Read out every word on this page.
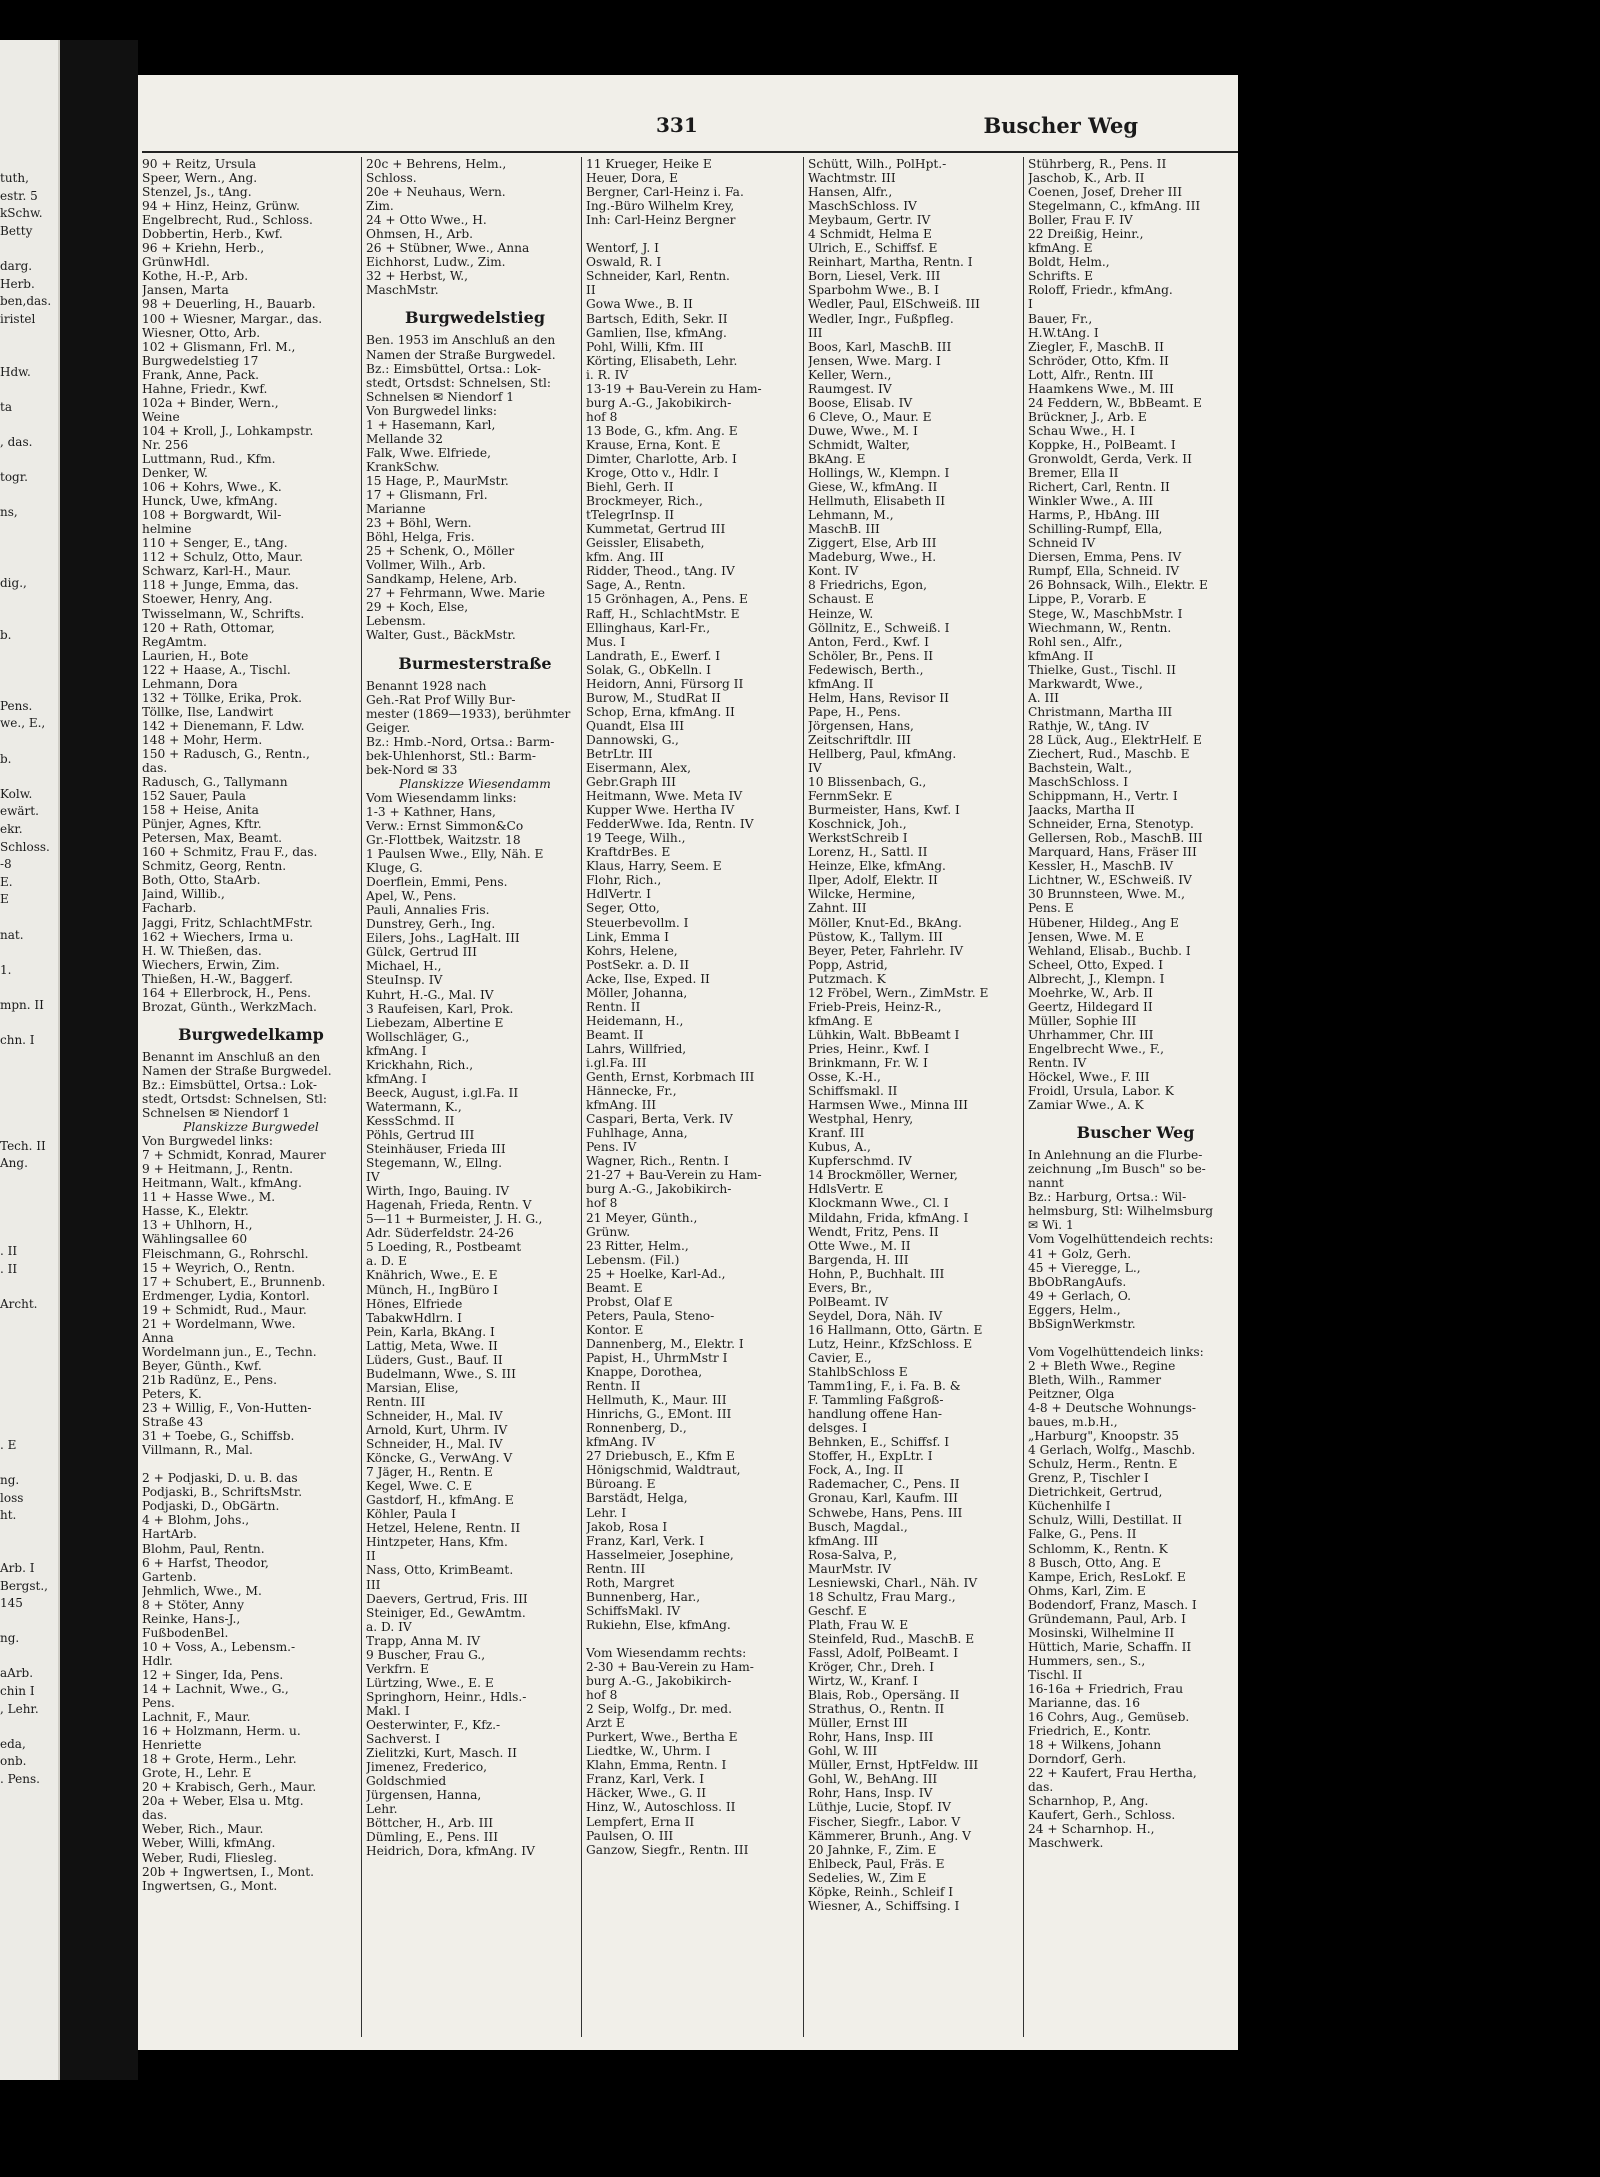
tuth,
estr. 5
kSchw.
Betty

darg.
Herb.
ben,das.
iristel

Hdw.

ta

, das.

togr.

ns,

dig.,

b.

Pens.
we., E.,

b.

Kolw.
ewärt.
ekr.
Schloss.
-8
E.
E

nat.

1.

mpn. II

chn. I

Tech. II
Ang.

. II
. II

Archt.

. E

ng.
loss
ht.

Arb. I
Bergst.,
145

ng.

aArb.
chin I
, Lehr.

eda,
onb.
. Pens.
331	Buscher Weg
90 + Reitz, Ursula
Speer, Wern., Ang.
Stenzel, Js., tAng.
94 + Hinz, Heinz, Grünw.
Engelbrecht, Rud., Schloss.
Dobbertin, Herb., Kwf.
96 + Kriehn, Herb.,
GrünwHdl.
Kothe, H.-P., Arb.
Jansen, Marta
98 + Deuerling, H., Bauarb.
100 + Wiesner, Margar., das.
Wiesner, Otto, Arb.
102 + Glismann, Frl. M.,
Burgwedelstieg 17
Frank, Anne, Pack.
Hahne, Friedr., Kwf.
102a + Binder, Wern.,
Weine
104 + Kroll, J., Lohkampstr.
Nr. 256
Luttmann, Rud., Kfm.
Denker, W.
106 + Kohrs, Wwe., K.
Hunck, Uwe, kfmAng.
108 + Borgwardt, Wil-
helmine
110 + Senger, E., tAng.
112 + Schulz, Otto, Maur.
Schwarz, Karl-H., Maur.
118 + Junge, Emma, das.
Stoewer, Henry, Ang.
Twisselmann, W., Schrifts.
120 + Rath, Ottomar,
RegAmtm.
Laurien, H., Bote
122 + Haase, A., Tischl.
Lehmann, Dora
132 + Töllke, Erika, Prok.
Töllke, Ilse, Landwirt
142 + Dienemann, F. Ldw.
148 + Mohr, Herm.
150 + Radusch, G., Rentn.,
das.
Radusch, G., Tallymann
152 Sauer, Paula
158 + Heise, Anita
Pünjer, Agnes, Kftr.
Petersen, Max, Beamt.
160 + Schmitz, Frau F., das.
Schmitz, Georg, Rentn.
Both, Otto, StaArb.
Jaind, Willib.,
Facharb.
Jaggi, Fritz, SchlachtMFstr.
162 + Wiechers, Irma u.
H. W. Thießen, das.
Wiechers, Erwin, Zim.
Thießen, H.-W., Baggerf.
164 + Ellerbrock, H., Pens.
Brozat, Günth., WerkzMach.
Burgwedelkamp
Benannt im Anschluß an den
Namen der Straße Burgwedel.
Bz.: Eimsbüttel, Ortsa.: Lok-
stedt, Ortsdst: Schnelsen, Stl:
Schnelsen ✉ Niendorf 1
Planskizze Burgwedel
Von Burgwedel links:
7 + Schmidt, Konrad, Maurer
9 + Heitmann, J., Rentn.
Heitmann, Walt., kfmAng.
11 + Hasse Wwe., M.
Hasse, K., Elektr.
13 + Uhlhorn, H.,
Wählingsallee 60
Fleischmann, G., Rohrschl.
15 + Weyrich, O., Rentn.
17 + Schubert, E., Brunnenb.
Erdmenger, Lydia, Kontorl.
19 + Schmidt, Rud., Maur.
21 + Wordelmann, Wwe.
Anna
Wordelmann jun., E., Techn.
Beyer, Günth., Kwf.
21b Radünz, E., Pens.
Peters, K.
23 + Willig, F., Von-Hutten-
Straße 43
31 + Toebe, G., Schiffsb.
Villmann, R., Mal.

2 + Podjaski, D. u. B. das
Podjaski, B., SchriftsMstr.
Podjaski, D., ObGärtn.
4 + Blohm, Johs.,
HartArb.
Blohm, Paul, Rentn.
6 + Harfst, Theodor,
Gartenb.
Jehmlich, Wwe., M.
8 + Stöter, Anny
Reinke, Hans-J.,
FußbodenBel.
10 + Voss, A., Lebensm.-
Hdlr.
12 + Singer, Ida, Pens.
14 + Lachnit, Wwe., G.,
Pens.
Lachnit, F., Maur.
16 + Holzmann, Herm. u.
Henriette
18 + Grote, Herm., Lehr.
Grote, H., Lehr. E
20 + Krabisch, Gerh., Maur.
20a + Weber, Elsa u. Mtg.
das.
Weber, Rich., Maur.
Weber, Willi, kfmAng.
Weber, Rudi, Fliesleg.
20b + Ingwertsen, I., Mont.
Ingwertsen, G., Mont.
20c + Behrens, Helm.,
Schloss.
20e + Neuhaus, Wern.
Zim.
24 + Otto Wwe., H.
Ohmsen, H., Arb.
26 + Stübner, Wwe., Anna
Eichhorst, Ludw., Zim.
32 + Herbst, W.,
MaschMstr.
Burgwedelstieg
Ben. 1953 im Anschluß an den
Namen der Straße Burgwedel.
Bz.: Eimsbüttel, Ortsa.: Lok-
stedt, Ortsdst: Schnelsen, Stl:
Schnelsen ✉ Niendorf 1
Von Burgwedel links:
1 + Hasemann, Karl,
Mellande 32
Falk, Wwe. Elfriede,
KrankSchw.
15 Hage, P., MaurMstr.
17 + Glismann, Frl.
Marianne
23 + Böhl, Wern.
Böhl, Helga, Fris.
25 + Schenk, O., Möller
Vollmer, Wilh., Arb.
Sandkamp, Helene, Arb.
27 + Fehrmann, Wwe. Marie
29 + Koch, Else,
Lebensm.
Walter, Gust., BäckMstr.
Burmesterstraße
Benannt 1928 nach
Geh.-Rat Prof Willy Bur-
mester (1869—1933), berühmter
Geiger.
Bz.: Hmb.-Nord, Ortsa.: Barm-
bek-Uhlenhorst, Stl.: Barm-
bek-Nord ✉ 33
Planskizze Wiesendamm
Vom Wiesendamm links:
1-3 + Kathner, Hans,
Verw.: Ernst Simmon&Co
Gr.-Flottbek, Waitzstr. 18
1 Paulsen Wwe., Elly, Näh. E
Kluge, G.
Doerflein, Emmi, Pens.
Apel, W., Pens.
Pauli, Annalies Fris.
Dunstrey, Gerh., Ing.
Eilers, Johs., LagHalt. III
Gülck, Gertrud III
Michael, H.,
SteuInsp. IV
Kuhrt, H.-G., Mal. IV
3 Raufeisen, Karl, Prok.
Liebezam, Albertine E
Wollschläger, G.,
kfmAng. I
Krickhahn, Rich.,
kfmAng. I
Beeck, August, i.gl.Fa. II
Watermann, K.,
KessSchmd. II
Pöhls, Gertrud III
Steinhäuser, Frieda III
Stegemann, W., Ellng.
IV
Wirth, Ingo, Bauing. IV
Hagenah, Frieda, Rentn. V
5—11 + Burmeister, J. H. G.,
Adr. Süderfeldstr. 24-26
5 Loeding, R., Postbeamt
a. D. E
Knährich, Wwe., E. E
Münch, H., IngBüro I
Hönes, Elfriede
TabakwHdlrn. I
Pein, Karla, BkAng. I
Lattig, Meta, Wwe. II
Lüders, Gust., Bauf. II
Budelmann, Wwe., S. III
Marsian, Elise,
Rentn. III
Schneider, H., Mal. IV
Arnold, Kurt, Uhrm. IV
Schneider, H., Mal. IV
Köncke, G., VerwAng. V
7 Jäger, H., Rentn. E
Kegel, Wwe. C. E
Gastdorf, H., kfmAng. E
Köhler, Paula I
Hetzel, Helene, Rentn. II
Hintzpeter, Hans, Kfm.
II
Nass, Otto, KrimBeamt.
III
Daevers, Gertrud, Fris. III
Steiniger, Ed., GewAmtm.
a. D. IV
Trapp, Anna M. IV
9 Buscher, Frau G.,
Verkfrn. E
Lürtzing, Wwe., E. E
Springhorn, Heinr., Hdls.-
Makl. I
Oesterwinter, F., Kfz.-
Sachverst. I
Zielitzki, Kurt, Masch. II
Jimenez, Frederico,
Goldschmied
Jürgensen, Hanna,
Lehr.
Böttcher, H., Arb. III
Dümling, E., Pens. III
Heidrich, Dora, kfmAng. IV
11 Krueger, Heike E
Heuer, Dora, E
Bergner, Carl-Heinz i. Fa.
Ing.-Büro Wilhelm Krey,
Inh: Carl-Heinz Bergner

Wentorf, J. I
Oswald, R. I
Schneider, Karl, Rentn.
II
Gowa Wwe., B. II
Bartsch, Edith, Sekr. II
Gamlien, Ilse, kfmAng.
Pohl, Willi, Kfm. III
Körting, Elisabeth, Lehr.
i. R. IV
13-19 + Bau-Verein zu Ham-
burg A.-G., Jakobikirch-
hof 8
13 Bode, G., kfm. Ang. E
Krause, Erna, Kont. E
Dimter, Charlotte, Arb. I
Kroge, Otto v., Hdlr. I
Biehl, Gerh. II
Brockmeyer, Rich.,
tTelegrInsp. II
Kummetat, Gertrud III
Geissler, Elisabeth,
kfm. Ang. III
Ridder, Theod., tAng. IV
Sage, A., Rentn.
15 Grönhagen, A., Pens. E
Raff, H., SchlachtMstr. E
Ellinghaus, Karl-Fr.,
Mus. I
Landrath, E., Ewerf. I
Solak, G., ObKelln. I
Heidorn, Anni, Fürsorg II
Burow, M., StudRat II
Schop, Erna, kfmAng. II
Quandt, Elsa III
Dannowski, G.,
BetrLtr. III
Eisermann, Alex,
Gebr.Graph III
Heitmann, Wwe. Meta IV
Kupper Wwe. Hertha IV
FedderWwe. Ida, Rentn. IV
19 Teege, Wilh.,
KraftdrBes. E
Klaus, Harry, Seem. E
Flohr, Rich.,
HdlVertr. I
Seger, Otto,
Steuerbevollm. I
Link, Emma I
Kohrs, Helene,
PostSekr. a. D. II
Acke, Ilse, Exped. II
Möller, Johanna,
Rentn. II
Heidemann, H.,
Beamt. II
Lahrs, Willfried,
i.gl.Fa. III
Genth, Ernst, Korbmach III
Hännecke, Fr.,
kfmAng. III
Caspari, Berta, Verk. IV
Fuhlhage, Anna,
Pens. IV
Wagner, Rich., Rentn. I
21-27 + Bau-Verein zu Ham-
burg A.-G., Jakobikirch-
hof 8
21 Meyer, Günth.,
Grünw.
23 Ritter, Helm.,
Lebensm. (Fil.)
25 + Hoelke, Karl-Ad.,
Beamt. E
Probst, Olaf E
Peters, Paula, Steno-
Kontor. E
Dannenberg, M., Elektr. I
Papist, H., UhrmMstr I
Knappe, Dorothea,
Rentn. II
Hellmuth, K., Maur. III
Hinrichs, G., EMont. III
Ronnenberg, D.,
kfmAng. IV
27 Driebusch, E., Kfm E
Hönigschmid, Waldtraut,
Büroang. E
Barstädt, Helga,
Lehr. I
Jakob, Rosa I
Franz, Karl, Verk. I
Hasselmeier, Josephine,
Rentn. III
Roth, Margret
Bunnenberg, Har.,
SchiffsMakl. IV
Rukiehn, Else, kfmAng.

Vom Wiesendamm rechts:
2-30 + Bau-Verein zu Ham-
burg A.-G., Jakobikirch-
hof 8
2 Seip, Wolfg., Dr. med.
Arzt E
Purkert, Wwe., Bertha E
Liedtke, W., Uhrm. I
Klahn, Emma, Rentn. I
Franz, Karl, Verk. I
Häcker, Wwe., G. II
Hinz, W., Autoschloss. II
Lempfert, Erna II
Paulsen, O. III
Ganzow, Siegfr., Rentn. III
Schütt, Wilh., PolHpt.-
Wachtmstr. III
Hansen, Alfr.,
MaschSchloss. IV
Meybaum, Gertr. IV
4 Schmidt, Helma E
Ulrich, E., Schiffsf. E
Reinhart, Martha, Rentn. I
Born, Liesel, Verk. III
Sparbohm Wwe., B. I
Wedler, Paul, ElSchweiß. III
Wedler, Ingr., Fußpfleg.
III
Boos, Karl, MaschB. III
Jensen, Wwe. Marg. I
Keller, Wern.,
Raumgest. IV
Boose, Elisab. IV
6 Cleve, O., Maur. E
Duwe, Wwe., M. I
Schmidt, Walter,
BkAng. E
Hollings, W., Klempn. I
Giese, W., kfmAng. II
Hellmuth, Elisabeth II
Lehmann, M.,
MaschB. III
Ziggert, Else, Arb III
Madeburg, Wwe., H.
Kont. IV
8 Friedrichs, Egon,
Schaust. E
Heinze, W.
Göllnitz, E., Schweiß. I
Anton, Ferd., Kwf. I
Schöler, Br., Pens. II
Fedewisch, Berth.,
kfmAng. II
Helm, Hans, Revisor II
Pape, H., Pens.
Jörgensen, Hans,
Zeitschriftdlr. III
Hellberg, Paul, kfmAng.
IV
10 Blissenbach, G.,
FernmSekr. E
Burmeister, Hans, Kwf. I
Koschnick, Joh.,
WerkstSchreib I
Lorenz, H., Sattl. II
Heinze, Elke, kfmAng.
Ilper, Adolf, Elektr. II
Wilcke, Hermine,
Zahnt. III
Möller, Knut-Ed., BkAng.
Püstow, K., Tallym. III
Beyer, Peter, Fahrlehr. IV
Popp, Astrid,
Putzmach. K
12 Fröbel, Wern., ZimMstr. E
Frieb-Preis, Heinz-R.,
kfmAng. E
Lühkin, Walt. BbBeamt I
Pries, Heinr., Kwf. I
Brinkmann, Fr. W. I
Osse, K.-H.,
Schiffsmakl. II
Harmsen Wwe., Minna III
Westphal, Henry,
Kranf. III
Kubus, A.,
Kupferschmd. IV
14 Brockmöller, Werner,
HdlsVertr. E
Klockmann Wwe., Cl. I
Mildahn, Frida, kfmAng. I
Wendt, Fritz, Pens. II
Otte Wwe., M. II
Bargenda, H. III
Hohn, P., Buchhalt. III
Evers, Br.,
PolBeamt. IV
Seydel, Dora, Näh. IV
16 Hallmann, Otto, Gärtn. E
Lutz, Heinr., KfzSchloss. E
Cavier, E.,
StahlbSchloss E
Tamm1ing, F., i. Fa. B. &
F. Tammling Faßgroß-
handlung offene Han-
delsges. I
Behnken, E., Schiffsf. I
Stoffer, H., ExpLtr. I
Fock, A., Ing. II
Rademacher, C., Pens. II
Gronau, Karl, Kaufm. III
Schwebe, Hans, Pens. III
Busch, Magdal.,
kfmAng. III
Rosa-Salva, P.,
MaurMstr. IV
Lesniewski, Charl., Näh. IV
18 Schultz, Frau Marg.,
Geschf. E
Plath, Frau W. E
Steinfeld, Rud., MaschB. E
Fassl, Adolf, PolBeamt. I
Kröger, Chr., Dreh. I
Wirtz, W., Kranf. I
Blais, Rob., Opersäng. II
Strathus, O., Rentn. II
Müller, Ernst III
Rohr, Hans, Insp. III
Gohl, W. III
Müller, Ernst, HptFeldw. III
Gohl, W., BehAng. III
Rohr, Hans, Insp. IV
Lüthje, Lucie, Stopf. IV
Fischer, Siegfr., Labor. V
Kämmerer, Brunh., Ang. V
20 Jahnke, F., Zim. E
Ehlbeck, Paul, Fräs. E
Sedelies, W., Zim E
Köpke, Reinh., Schleif I
Wiesner, A., Schiffsing. I
Stührberg, R., Pens. II
Jaschob, K., Arb. II
Coenen, Josef, Dreher III
Stegelmann, C., kfmAng. III
Boller, Frau F. IV
22 Dreißig, Heinr.,
kfmAng. E
Boldt, Helm.,
Schrifts. E
Roloff, Friedr., kfmAng.
I
Bauer, Fr.,
H.W.tAng. I
Ziegler, F., MaschB. II
Schröder, Otto, Kfm. II
Lott, Alfr., Rentn. III
Haamkens Wwe., M. III
24 Feddern, W., BbBeamt. E
Brückner, J., Arb. E
Schau Wwe., H. I
Koppke, H., PolBeamt. I
Gronwoldt, Gerda, Verk. II
Bremer, Ella II
Richert, Carl, Rentn. II
Winkler Wwe., A. III
Harms, P., HbAng. III
Schilling-Rumpf, Ella,
Schneid IV
Diersen, Emma, Pens. IV
Rumpf, Ella, Schneid. IV
26 Bohnsack, Wilh., Elektr. E
Lippe, P., Vorarb. E
Stege, W., MaschbMstr. I
Wiechmann, W., Rentn.
Rohl sen., Alfr.,
kfmAng. II
Thielke, Gust., Tischl. II
Markwardt, Wwe.,
A. III
Christmann, Martha III
Rathje, W., tAng. IV
28 Lück, Aug., ElektrHelf. E
Ziechert, Rud., Maschb. E
Bachstein, Walt.,
MaschSchloss. I
Schippmann, H., Vertr. I
Jaacks, Martha II
Schneider, Erna, Stenotyp.
Gellersen, Rob., MaschB. III
Marquard, Hans, Fräser III
Kessler, H., MaschB. IV
Lichtner, W., ESchweiß. IV
30 Brunnsteen, Wwe. M.,
Pens. E
Hübener, Hildeg., Ang E
Jensen, Wwe. M. E
Wehland, Elisab., Buchb. I
Scheel, Otto, Exped. I
Albrecht, J., Klempn. I
Moehrke, W., Arb. II
Geertz, Hildegard II
Müller, Sophie III
Uhrhammer, Chr. III
Engelbrecht Wwe., F.,
Rentn. IV
Höckel, Wwe., F. III
Froidl, Ursula, Labor. K
Zamiar Wwe., A. K
Buscher Weg
In Anlehnung an die Flurbe-
zeichnung „Im Busch" so be-
nannt
Bz.: Harburg, Ortsa.: Wil-
helmsburg, Stl: Wilhelmsburg
✉ Wi. 1
Vom Vogelhüttendeich rechts:
41 + Golz, Gerh.
45 + Vieregge, L.,
BbObRangAufs.
49 + Gerlach, O.
Eggers, Helm.,
BbSignWerkmstr.

Vom Vogelhüttendeich links:
2 + Bleth Wwe., Regine
Bleth, Wilh., Rammer
Peitzner, Olga
4-8 + Deutsche Wohnungs-
baues, m.b.H.,
„Harburg", Knoopstr. 35
4 Gerlach, Wolfg., Maschb.
Schulz, Herm., Rentn. E
Grenz, P., Tischler I
Dietrichkeit, Gertrud,
Küchenhilfe I
Schulz, Willi, Destillat. II
Falke, G., Pens. II
Schlomm, K., Rentn. K
8 Busch, Otto, Ang. E
Kampe, Erich, ResLokf. E
Ohms, Karl, Zim. E
Bodendorf, Franz, Masch. I
Gründemann, Paul, Arb. I
Mosinski, Wilhelmine II
Hüttich, Marie, Schaffn. II
Hummers, sen., S.,
Tischl. II
16-16a + Friedrich, Frau
Marianne, das. 16
16 Cohrs, Aug., Gemüseb.
Friedrich, E., Kontr.
18 + Wilkens, Johann
Dorndorf, Gerh.
22 + Kaufert, Frau Hertha,
das.
Scharnhop, P., Ang.
Kaufert, Gerh., Schloss.
24 + Scharnhop. H.,
Maschwerk.
